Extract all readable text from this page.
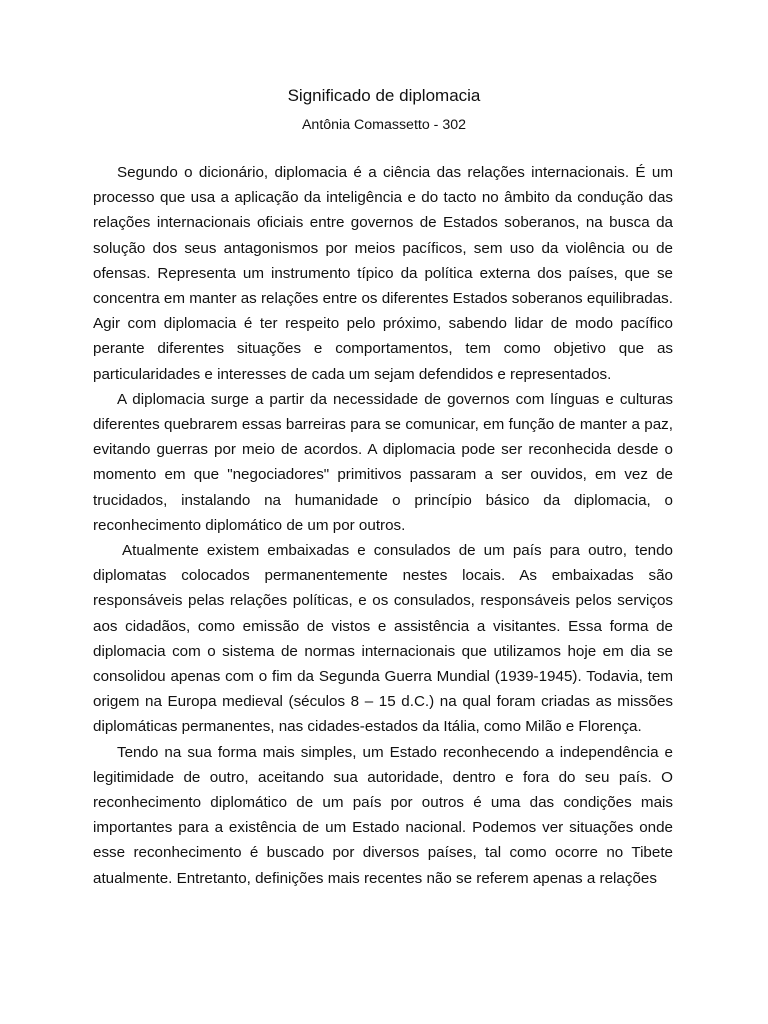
Significado de diplomacia
Antônia Comassetto - 302

Segundo o dicionário, diplomacia é a ciência das relações internacionais. É um processo que usa a aplicação da inteligência e do tacto no âmbito da condução das relações internacionais oficiais entre governos de Estados soberanos, na busca da solução dos seus antagonismos por meios pacíficos, sem uso da violência ou de ofensas. Representa um instrumento típico da política externa dos países, que se concentra em manter as relações entre os diferentes Estados soberanos equilibradas. Agir com diplomacia é ter respeito pelo próximo, sabendo lidar de modo pacífico perante diferentes situações e comportamentos, tem como objetivo que as particularidades e interesses de cada um sejam defendidos e representados.

A diplomacia surge a partir da necessidade de governos com línguas e culturas diferentes quebrarem essas barreiras para se comunicar, em função de manter a paz, evitando guerras por meio de acordos. A diplomacia pode ser reconhecida desde o momento em que "negociadores" primitivos passaram a ser ouvidos, em vez de trucidados, instalando na humanidade o princípio básico da diplomacia, o reconhecimento diplomático de um por outros.

Atualmente existem embaixadas e consulados de um país para outro, tendo diplomatas colocados permanentemente nestes locais. As embaixadas são responsáveis pelas relações políticas, e os consulados, responsáveis pelos serviços aos cidadãos, como emissão de vistos e assistência a visitantes. Essa forma de diplomacia com o sistema de normas internacionais que utilizamos hoje em dia se consolidou apenas com o fim da Segunda Guerra Mundial (1939-1945). Todavia, tem origem na Europa medieval (séculos 8 – 15 d.C.) na qual foram criadas as missões diplomáticas permanentes, nas cidades-estados da Itália, como Milão e Florença.

Tendo na sua forma mais simples, um Estado reconhecendo a independência e legitimidade de outro, aceitando sua autoridade, dentro e fora do seu país. O reconhecimento diplomático de um país por outros é uma das condições mais importantes para a existência de um Estado nacional. Podemos ver situações onde esse reconhecimento é buscado por diversos países, tal como ocorre no Tibete atualmente. Entretanto, definições mais recentes não se referem apenas a relações
